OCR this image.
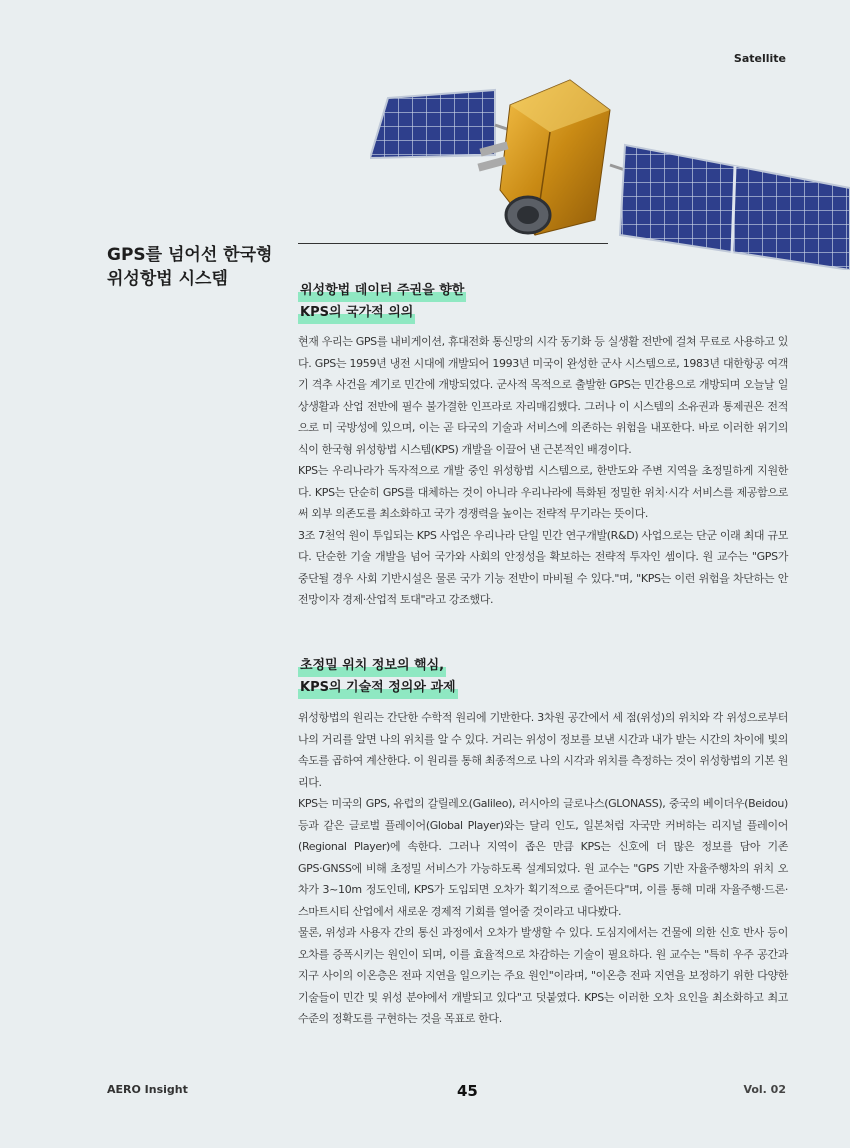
Satellite
GPS를 넘어선 한국형
위성항법 시스템
위성항법 데이터 주권을 향한
KPS의 국가적 의의

현재 우리는 GPS를 내비게이션, 휴대전화 통신망의 시각 동기화 등 실생활 전반에 걸쳐 무료로 사용하고 있다. GPS는 1959년 냉전 시대에 개발되어 1993년 미국이 완성한 군사 시스템으로, 1983년 대한항공 여객기 격추 사건을 계기로 민간에 개방되었다. 군사적 목적으로 출발한 GPS는 민간용으로 개방되며 오늘날 일상생활과 산업 전반에 필수 불가결한 인프라로 자리매김했다. 그러나 이 시스템의 소유권과 통제권은 전적으로 미 국방성에 있으며, 이는 곧 타국의 기술과 서비스에 의존하는 위험을 내포한다. 바로 이러한 위기의식이 한국형 위성항법 시스템(KPS) 개발을 이끌어 낸 근본적인 배경이다.

KPS는 우리나라가 독자적으로 개발 중인 위성항법 시스템으로, 한반도와 주변 지역을 초정밀하게 지원한다. KPS는 단순히 GPS를 대체하는 것이 아니라 우리나라에 특화된 정밀한 위치·시각 서비스를 제공함으로써 외부 의존도를 최소화하고 국가 경쟁력을 높이는 전략적 무기라는 뜻이다.

3조 7천억 원이 투입되는 KPS 사업은 우리나라 단일 민간 연구개발(R&D) 사업으로는 단군 이래 최대 규모다. 단순한 기술 개발을 넘어 국가와 사회의 안정성을 확보하는 전략적 투자인 셈이다. 원 교수는 "GPS가 중단될 경우 사회 기반시설은 물론 국가 기능 전반이 마비될 수 있다."며, "KPS는 이런 위험을 차단하는 안전망이자 경제·산업적 토대"라고 강조했다.

초정밀 위치 정보의 핵심,
KPS의 기술적 정의와 과제

위성항법의 원리는 간단한 수학적 원리에 기반한다. 3차원 공간에서 세 점(위성)의 위치와 각 위성으로부터 나의 거리를 알면 나의 위치를 알 수 있다. 거리는 위성이 정보를 보낸 시간과 내가 받는 시간의 차이에 빛의 속도를 곱하여 계산한다. 이 원리를 통해 최종적으로 나의 시각과 위치를 측정하는 것이 위성항법의 기본 원리다.

KPS는 미국의 GPS, 유럽의 갈릴레오(Galileo), 러시아의 글로나스(GLONASS), 중국의 베이더우(Beidou) 등과 같은 글로벌 플레이어(Global Player)와는 달리 인도, 일본처럼 자국만 커버하는 리지널 플레이어(Regional Player)에 속한다. 그러나 지역이 좁은 만큼 KPS는 신호에 더 많은 정보를 담아 기존 GPS·GNSS에 비해 초정밀 서비스가 가능하도록 설계되었다. 원 교수는 "GPS 기반 자율주행차의 위치 오차가 3~10m 정도인데, KPS가 도입되면 오차가 획기적으로 줄어든다"며, 이를 통해 미래 자율주행·드론·스마트시티 산업에서 새로운 경제적 기회를 열어줄 것이라고 내다봤다.

물론, 위성과 사용자 간의 통신 과정에서 오차가 발생할 수 있다. 도심지에서는 건물에 의한 신호 반사 등이 오차를 증폭시키는 원인이 되며, 이를 효율적으로 차감하는 기술이 필요하다. 원 교수는 "특히 우주 공간과 지구 사이의 이온층은 전파 지연을 일으키는 주요 원인"이라며, "이온층 전파 지연을 보정하기 위한 다양한 기술들이 민간 및 위성 분야에서 개발되고 있다"고 덧붙였다. KPS는 이러한 오차 요인을 최소화하고 최고 수준의 정확도를 구현하는 것을 목표로 한다.

AERO Insight	45	Vol. 02
